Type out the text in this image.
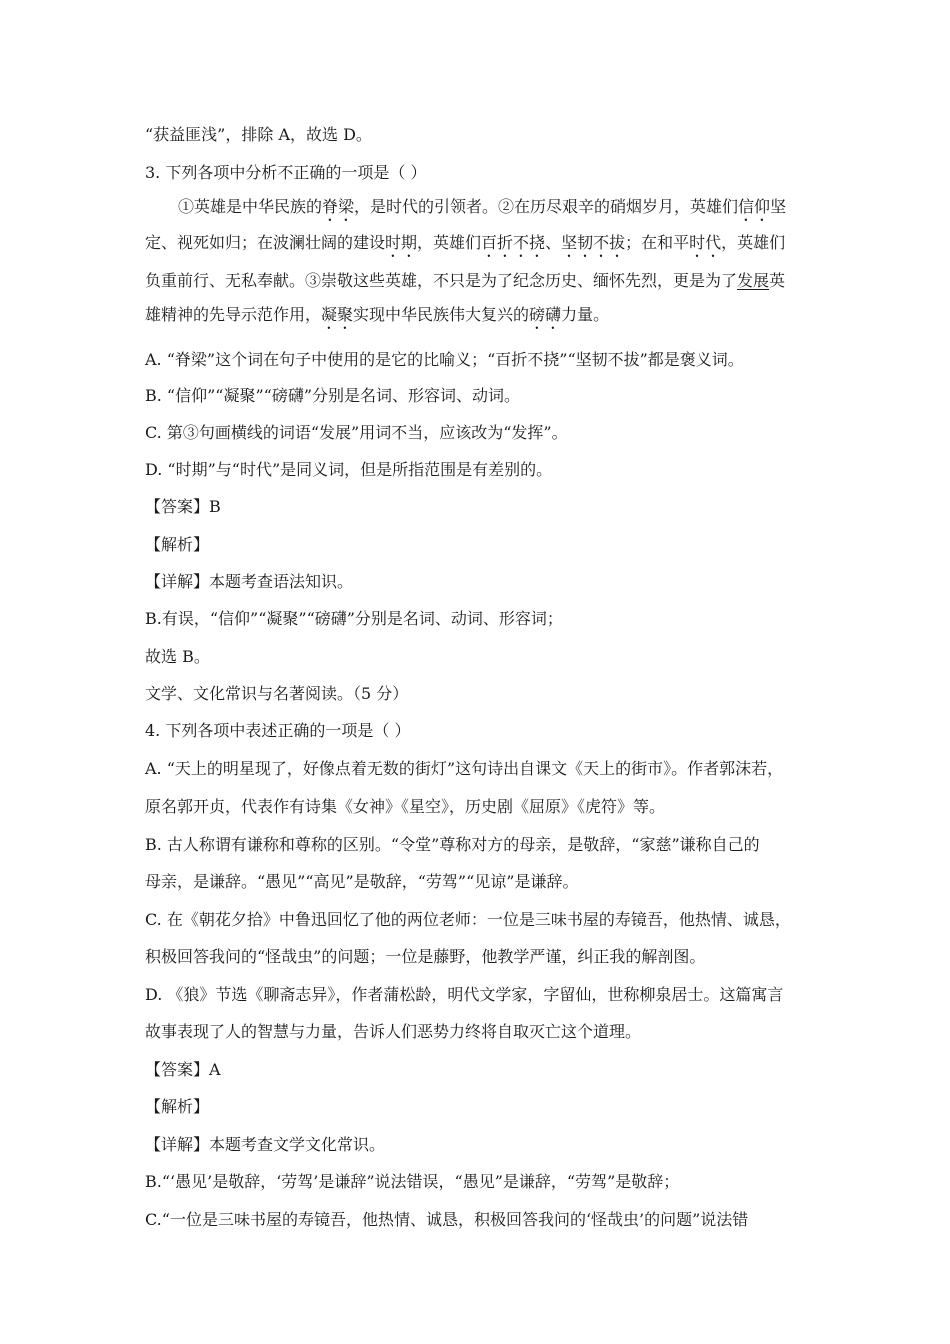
“获益匪浅”，排除 A，故选 D。
3. 下列各项中分析不正确的一项是（ ）
①英雄是中华民族的脊梁，是时代的引领者。②在历尽艰辛的硝烟岁月，英雄们信仰坚
定、视死如归；在波澜壮阔的建设时期，英雄们百折不挠、坚韧不拔；在和平时代，英雄们
负重前行、无私奉献。③崇敬这些英雄，不只是为了纪念历史、缅怀先烈，更是为了发展英
雄精神的先导示范作用，凝聚实现中华民族伟大复兴的磅礴力量。
A. “脊梁”这个词在句子中使用的是它的比喻义；“百折不挠”“坚韧不拔”都是褒义词。
B. “信仰”“凝聚”“磅礴”分别是名词、形容词、动词。
C. 第③句画横线的词语“发展”用词不当，应该改为“发挥”。
D. “时期”与“时代”是同义词，但是所指范围是有差别的。
【答案】B
【解析】
【详解】本题考查语法知识。
B.有误，“信仰”“凝聚”“磅礴”分别是名词、动词、形容词；
故选 B。
文学、文化常识与名著阅读。（5 分）
4. 下列各项中表述正确的一项是（ ）
A. “天上的明星现了，好像点着无数的街灯”这句诗出自课文《天上的街市》。作者郭沫若，
原名郭开贞，代表作有诗集《女神》《星空》，历史剧《屈原》《虎符》等。
B. 古人称谓有谦称和尊称的区别。“令堂”尊称对方的母亲，是敬辞，“家慈”谦称自己的
母亲，是谦辞。“愚见”“高见”是敬辞，“劳驾”“见谅”是谦辞。
C. 在《朝花夕拾》中鲁迅回忆了他的两位老师：一位是三味书屋的寿镜吾，他热情、诚恳，
积极回答我问的“怪哉虫”的问题；一位是藤野，他教学严谨，纠正我的解剖图。
D. 《狼》节选《聊斋志异》，作者蒲松龄，明代文学家，字留仙，世称柳泉居士。这篇寓言
故事表现了人的智慧与力量，告诉人们恶势力终将自取灭亡这个道理。
【答案】A
【解析】
【详解】本题考查文学文化常识。
B.“‘愚见’是敬辞，‘劳驾’是谦辞”说法错误，“愚见”是谦辞，“劳驾”是敬辞；
C.“一位是三味书屋的寿镜吾，他热情、诚恳，积极回答我问的‘怪哉虫’的问题”说法错
